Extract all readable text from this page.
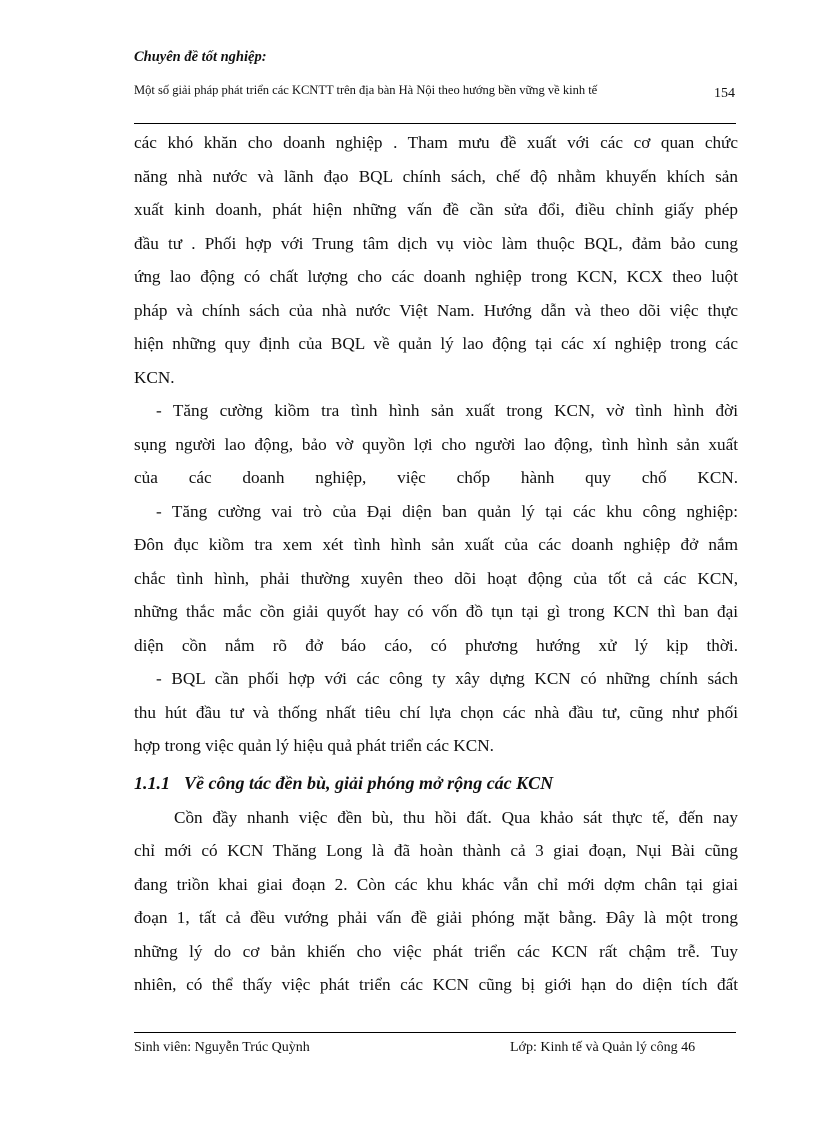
Chuyên đề tốt nghiệp:
Một số giải pháp phát triển các KCNTT trên địa bàn Hà Nội theo hướng bền vững về kinh tế	154
các khó khăn cho doanh nghiệp . Tham mưu đề xuất với các cơ quan chức
năng nhà nước và lãnh đạo BQL chính sách, chế độ nhằm khuyến khích sản
xuất kinh doanh, phát hiện những vấn đề cần sửa đổi, điều chỉnh giấy phép
đầu tư . Phối hợp với Trung tâm dịch vụ viòc làm thuộc BQL, đảm bảo cung
ứng lao động có chất lượng cho các doanh nghiệp trong KCN, KCX theo luột
pháp và chính sách của nhà nước Việt Nam. Hướng dẫn và theo dõi việc thực
hiện những quy định của BQL về quản lý lao động tại các xí nghiệp trong các
KCN.
- Tăng cường kiồm tra tình hình sản xuất trong KCN, vờ tình hình đời
sụng người lao động, bảo vờ quyồn lợi cho người lao động, tình hình sản xuất
của các doanh nghiệp, việc chốp hành quy chố KCN.
- Tăng cường vai trò của Đại diện ban quản lý tại các khu công nghiệp:
Đôn đục kiồm tra xem xét tình hình sản xuất của các doanh nghiệp đở nắm
chắc tình hình, phải thường xuyên theo dõi hoạt động của tốt cả các KCN,
những thắc mắc cồn giải quyốt hay có vốn đồ tụn tại gì trong KCN thì ban đại
diện cồn nắm rõ đở báo cáo, có phương hướng xử lý kịp thời.
- BQL cần phối hợp với các công ty xây dựng KCN có những chính sách
thu hút đầu tư và thống nhất tiêu chí lựa chọn các nhà đầu tư, cũng như phối
hợp trong việc quản lý hiệu quả phát triển các KCN.
1.1.1 Về công tác đền bù, giải phóng mở rộng các KCN
Cồn đầy nhanh việc đền bù, thu hồi đất. Qua khảo sát thực tế, đến nay
chỉ mới có KCN Thăng Long là đã hoàn thành cả 3 giai đoạn, Nụi Bài cũng
đang triồn khai giai đoạn 2. Còn các khu khác vẫn chỉ mới dợm chân tại giai
đoạn 1, tất cả đều vướng phải vấn đề giải phóng mặt bằng. Đây là một trong
những lý do cơ bản khiến cho việc phát triển các KCN rất chậm trễ. Tuy
nhiên, có thể thấy việc phát triển các KCN cũng bị giới hạn do diện tích đất
Sinh viên: Nguyễn Trúc Quỳnh	Lớp: Kinh tế và Quản lý công 46
